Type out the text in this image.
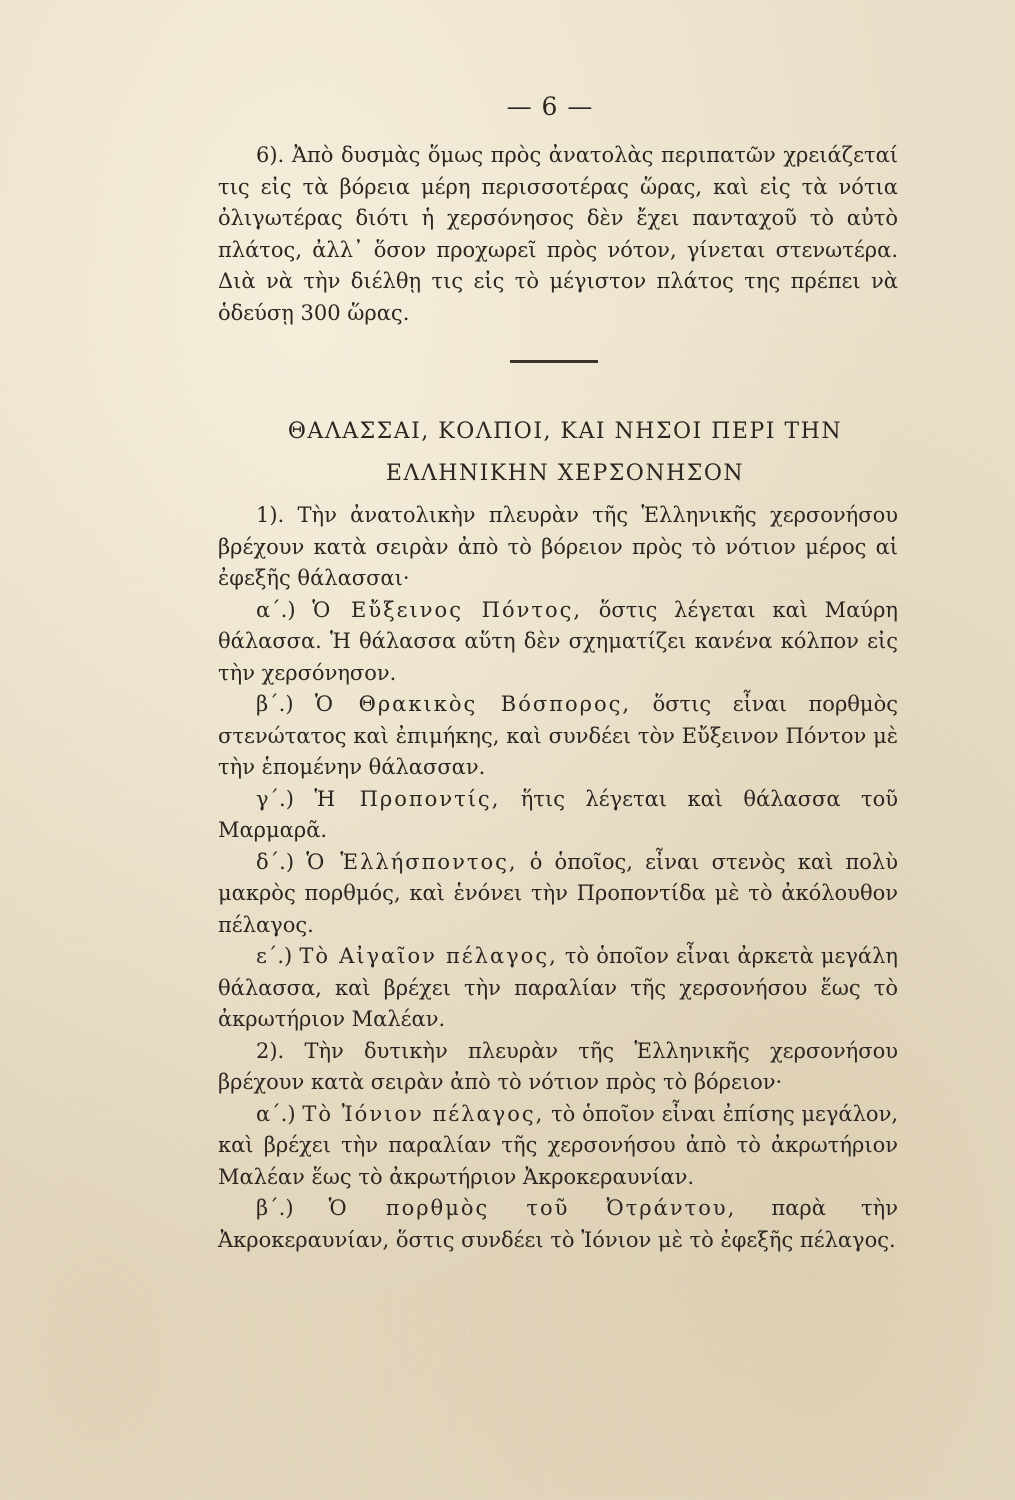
— 6 —

6). Ἀπὸ δυσμὰς ὅμως πρὸς ἀνατολὰς περιπατῶν χρειάζεταί τις εἰς τὰ βόρεια μέρη περισσοτέρας ὥρας, καὶ εἰς τὰ νότια ὀλιγωτέρας διότι ἡ χερσόνησος δὲν ἔχει πανταχοῦ τὸ αὐτὸ πλάτος, ἀλλ᾽ ὅσον προχωρεῖ πρὸς νότον, γίνεται στενωτέρα. Διὰ νὰ τὴν διέλθῃ τις εἰς τὸ μέγιστον πλάτος της πρέπει νὰ ὁδεύσῃ 300 ὥρας.

ΘΑΛΑΣΣΑΙ, ΚΟΛΠΟΙ, ΚΑΙ ΝΗΣΟΙ ΠΕΡΙ ΤΗΝ
ΕΛΛΗΝΙΚΗΝ ΧΕΡΣΟΝΗΣΟΝ

1). Τὴν ἀνατολικὴν πλευρὰν τῆς Ἑλληνικῆς χερσονήσου βρέχουν κατὰ σειρὰν ἀπὸ τὸ βόρειον πρὸς τὸ νότιον μέρος αἱ ἐφεξῆς θάλασσαι·

α΄.) Ὁ Εὔξεινος Πόντος, ὅστις λέγεται καὶ Μαύρη θάλασσα. Ἡ θάλασσα αὕτη δὲν σχηματίζει κανένα κόλπον εἰς τὴν χερσόνησον.

β΄.) Ὁ Θρακικὸς Βόσπορος, ὅστις εἶναι πορθμὸς στενώτατος καὶ ἐπιμήκης, καὶ συνδέει τὸν Εὔξεινον Πόντον μὲ τὴν ἑπομένην θάλασσαν.

γ΄.) Ἡ Προποντίς, ἥτις λέγεται καὶ θάλασσα τοῦ Μαρμαρᾶ.

δ΄.) Ὁ Ἑλλήσποντος, ὁ ὁποῖος, εἶναι στενὸς καὶ πολὺ μακρὸς πορθμός, καὶ ἑνόνει τὴν Προποντίδα μὲ τὸ ἀκόλουθον πέλαγος.

ε΄.) Τὸ Αἰγαῖον πέλαγος, τὸ ὁποῖον εἶναι ἀρκετὰ μεγάλη θάλασσα, καὶ βρέχει τὴν παραλίαν τῆς χερσονήσου ἕως τὸ ἀκρωτήριον Μαλέαν.

2). Τὴν δυτικὴν πλευρὰν τῆς Ἑλληνικῆς χερσονήσου βρέχουν κατὰ σειρὰν ἀπὸ τὸ νότιον πρὸς τὸ βόρειον·

α΄.) Τὸ Ἰόνιον πέλαγος, τὸ ὁποῖον εἶναι ἐπίσης μεγάλον, καὶ βρέχει τὴν παραλίαν τῆς χερσονήσου ἀπὸ τὸ ἀκρωτήριον Μαλέαν ἕως τὸ ἀκρωτήριον Ἀκροκεραυνίαν.

β΄.) Ὁ πορθμὸς τοῦ Ὀτράντου, παρὰ τὴν Ἀκροκεραυνίαν, ὅστις συνδέει τὸ Ἰόνιον μὲ τὸ ἐφεξῆς πέλαγος.
